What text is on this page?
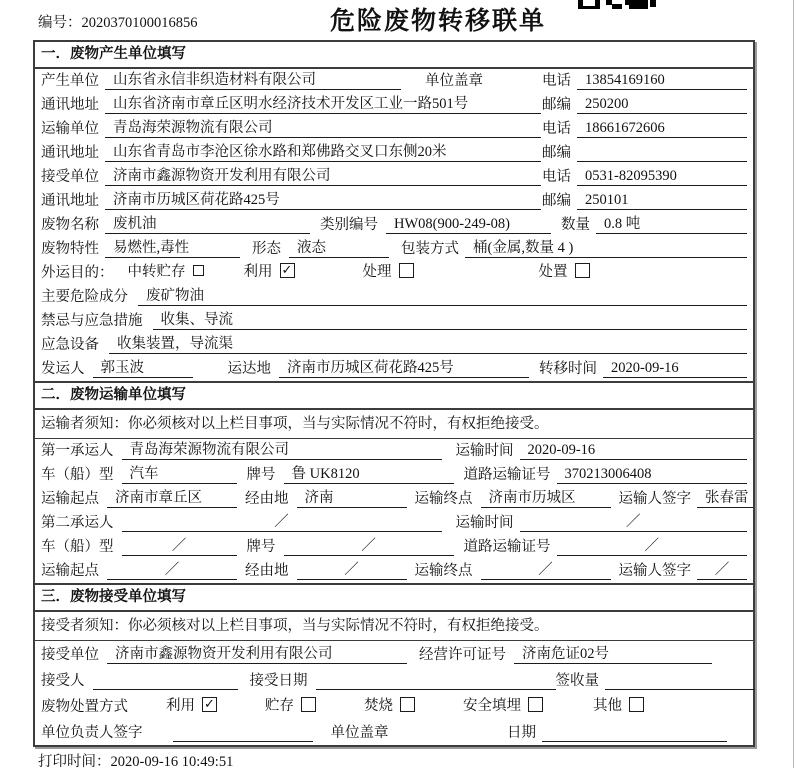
编号：2020370100016856	危险废物转移联单
一．废物产生单位填写
产生单位 山东省永信非织造材料有限公司	单位盖章	电话 13854169160
通讯地址 山东省济南市章丘区明水经济技术开发区工业一路501号	邮编 250200
运输单位 青岛海荣源物流有限公司	电话 18661672606
通讯地址 山东省青岛市李沧区徐水路和郑佛路交叉口东侧20米	邮编
接受单位 济南市鑫源物资开发利用有限公司	电话 0531-82095390
通讯地址 济南市历城区荷花路425号	邮编 250101
废物名称 废机油	类别编号	HW08(900-249-08)	数量 0.8 吨
废物特性 易燃性,毒性	形态	液态	包装方式 桶(金属,数量 4 )
外运目的： 中转贮存	利用 ✓	处理	处置
主要危险成分	废矿物油
禁忌与应急措施	收集、导流
应急设备	收集装置，导流渠
发运人	郭玉波	运达地	济南市历城区荷花路425号	转移时间 2020-09-16
二．废物运输单位填写
运输者须知：你必须核对以上栏目事项，当与实际情况不符时，有权拒绝接受。
第一承运人	青岛海荣源物流有限公司	运输时间 2020-09-16
车（船）型	汽车	牌号	鲁 UK8120	道路运输证号 370213006408
运输起点	济南市章丘区	经由地	济南	运输终点	济南市历城区	运输人签字 张春雷
第二承运人	／	运输时间	／
车（船）型	／	牌号	／	道路运输证号	／
运输起点	／	经由地	／	运输终点	／	运输人签字	／
三．废物接受单位填写
接受者须知：你必须核对以上栏目事项，当与实际情况不符时，有权拒绝接受。
接受单位	济南市鑫源物资开发利用有限公司	经营许可证号	济南危证02号
接受人	接受日期	签收量
废物处置方式	利用 ✓	贮存	焚烧	安全填埋	其他
单位负责人签字	单位盖章	日期
打印时间：2020-09-16 10:49:51
